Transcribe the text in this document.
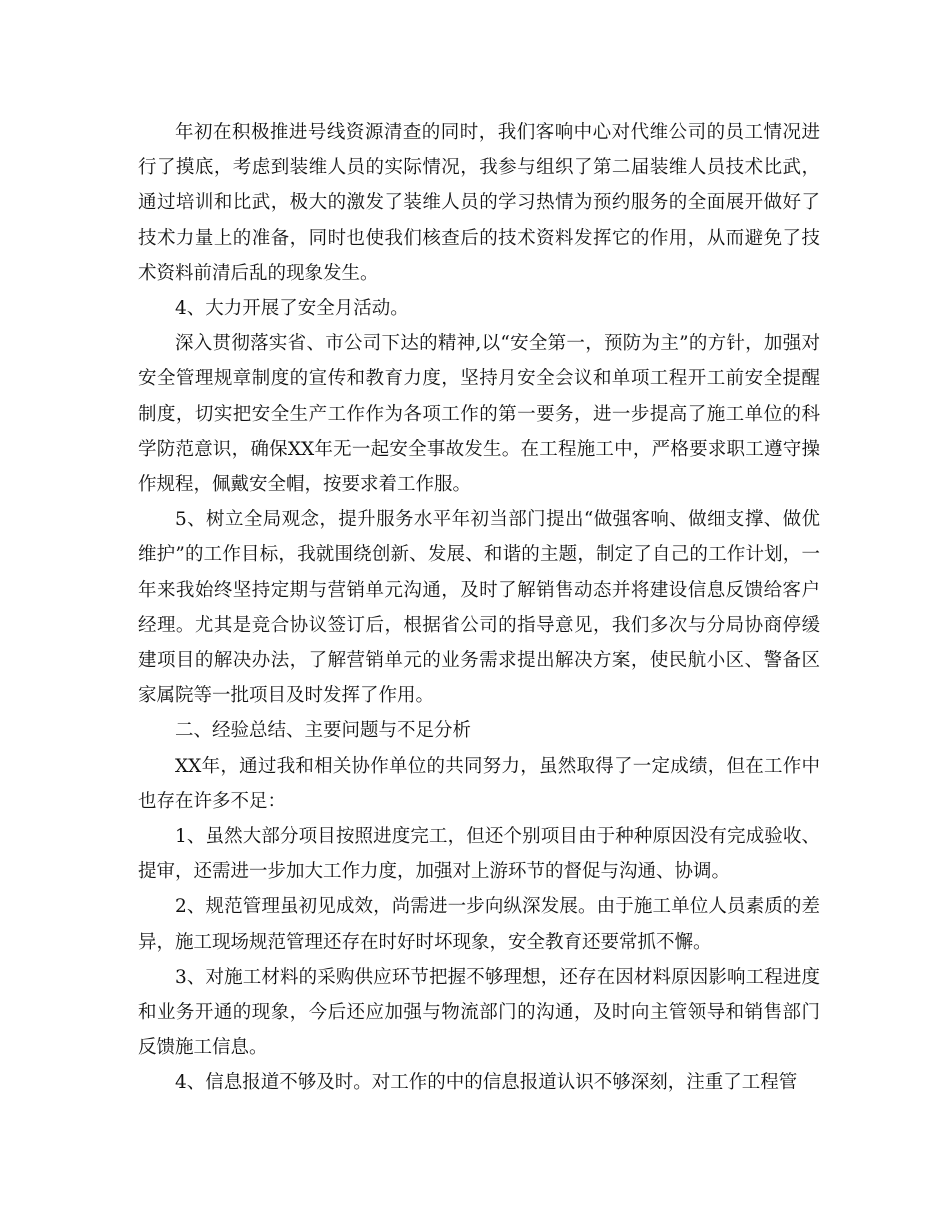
年初在积极推进号线资源清查的同时，我们客响中心对代维公司的员工情况进行了摸底，考虑到装维人员的实际情况，我参与组织了第二届装维人员技术比武，通过培训和比武，极大的激发了装维人员的学习热情为预约服务的全面展开做好了技术力量上的准备，同时也使我们核查后的技术资料发挥它的作用，从而避免了技术资料前清后乱的现象发生。

4、大力开展了安全月活动。

深入贯彻落实省、市公司下达的精神,以“安全第一，预防为主”的方针，加强对安全管理规章制度的宣传和教育力度，坚持月安全会议和单项工程开工前安全提醒制度，切实把安全生产工作作为各项工作的第一要务，进一步提高了施工单位的科学防范意识，确保XX年无一起安全事故发生。在工程施工中，严格要求职工遵守操作规程，佩戴安全帽，按要求着工作服。

5、树立全局观念，提升服务水平年初当部门提出“做强客响、做细支撑、做优维护”的工作目标，我就围绕创新、发展、和谐的主题，制定了自己的工作计划，一年来我始终坚持定期与营销单元沟通，及时了解销售动态并将建设信息反馈给客户经理。尤其是竞合协议签订后，根据省公司的指导意见，我们多次与分局协商停缓建项目的解决办法，了解营销单元的业务需求提出解决方案，使民航小区、警备区家属院等一批项目及时发挥了作用。

二、经验总结、主要问题与不足分析

XX年，通过我和相关协作单位的共同努力，虽然取得了一定成绩，但在工作中也存在许多不足：

1、虽然大部分项目按照进度完工，但还个别项目由于种种原因没有完成验收、提审，还需进一步加大工作力度，加强对上游环节的督促与沟通、协调。

2、规范管理虽初见成效，尚需进一步向纵深发展。由于施工单位人员素质的差异，施工现场规范管理还存在时好时坏现象，安全教育还要常抓不懈。

3、对施工材料的采购供应环节把握不够理想，还存在因材料原因影响工程进度和业务开通的现象，今后还应加强与物流部门的沟通，及时向主管领导和销售部门反馈施工信息。

4、信息报道不够及时。对工作的中的信息报道认识不够深刻，注重了工程管
